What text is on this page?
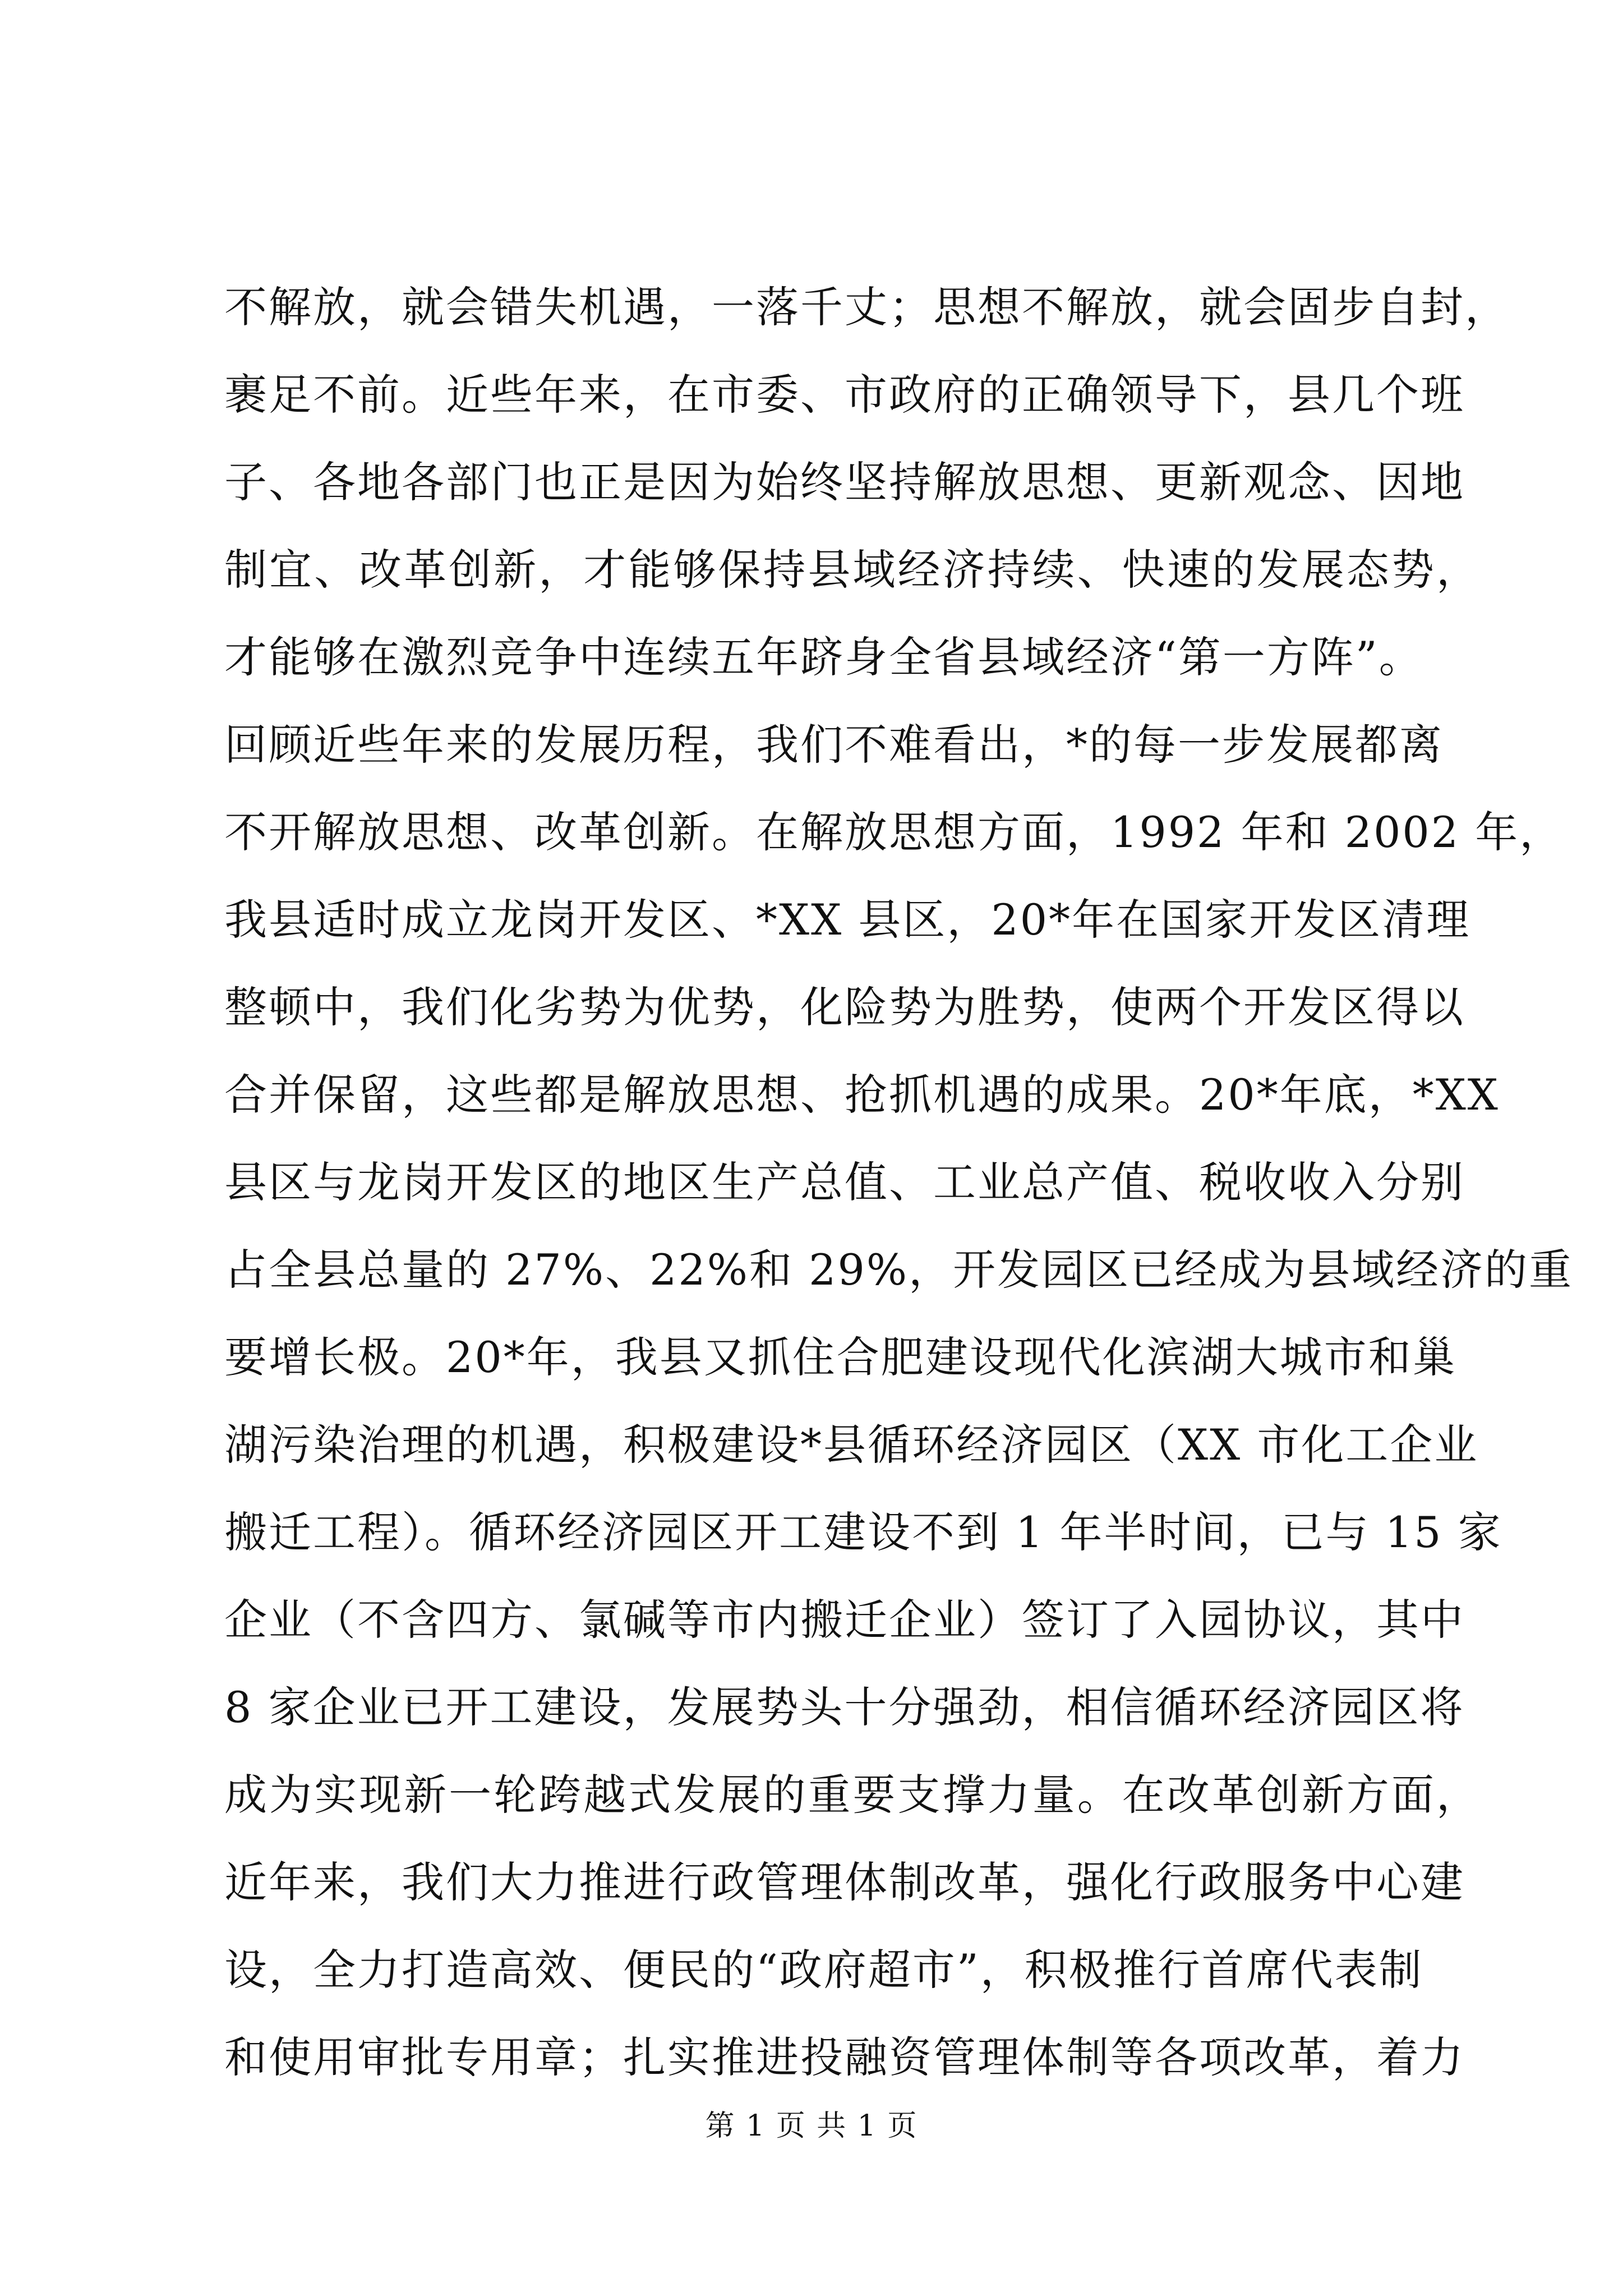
不解放，就会错失机遇，一落千丈；思想不解放，就会固步自封，
裹足不前。近些年来，在市委、市政府的正确领导下，县几个班
子、各地各部门也正是因为始终坚持解放思想、更新观念、因地
制宜、改革创新，才能够保持县域经济持续、快速的发展态势，
才能够在激烈竞争中连续五年跻身全省县域经济“第一方阵”。
回顾近些年来的发展历程，我们不难看出，*的每一步发展都离
不开解放思想、改革创新。在解放思想方面，1992 年和 2002 年，
我县适时成立龙岗开发区、*XX 县区，20*年在国家开发区清理
整顿中，我们化劣势为优势，化险势为胜势，使两个开发区得以
合并保留，这些都是解放思想、抢抓机遇的成果。20*年底，*XX
县区与龙岗开发区的地区生产总值、工业总产值、税收收入分别
占全县总量的 27%、22%和 29%，开发园区已经成为县域经济的重
要增长极。20*年，我县又抓住合肥建设现代化滨湖大城市和巢
湖污染治理的机遇，积极建设*县循环经济园区（XX 市化工企业
搬迁工程）。循环经济园区开工建设不到 1 年半时间，已与 15 家
企业（不含四方、氯碱等市内搬迁企业）签订了入园协议，其中
8 家企业已开工建设，发展势头十分强劲，相信循环经济园区将
成为实现新一轮跨越式发展的重要支撑力量。在改革创新方面，
近年来，我们大力推进行政管理体制改革，强化行政服务中心建
设，全力打造高效、便民的“政府超市”，积极推行首席代表制
和使用审批专用章；扎实推进投融资管理体制等各项改革，着力
第 1 页 共 1 页
